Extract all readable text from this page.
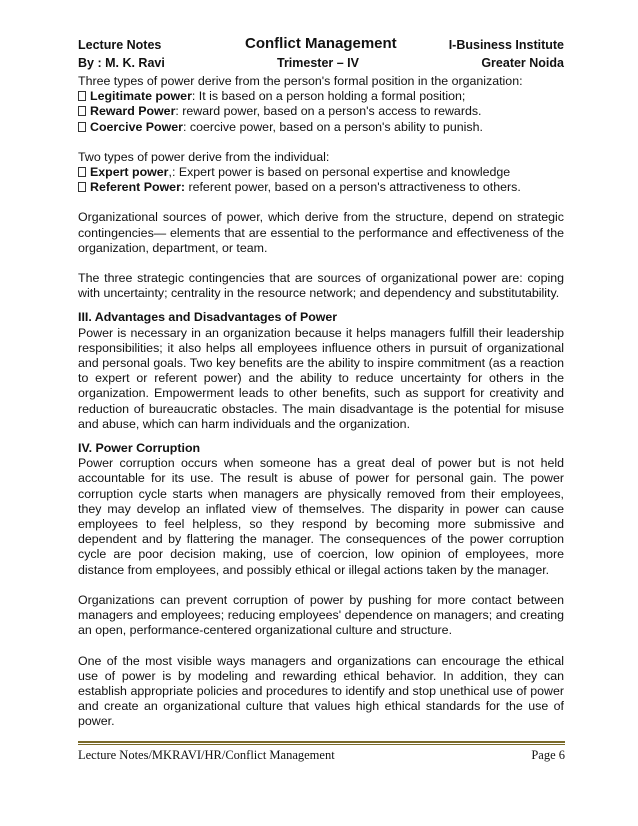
Lecture Notes	Conflict Management	I-Business Institute
By : M. K. Ravi	Trimester – IV	Greater Noida

Three types of power derive from the person's formal position in the organization:

Legitimate power: It is based on a person holding a formal position;
Reward Power: reward power, based on a person's access to rewards.
Coercive Power: coercive power, based on a person's ability to punish.

Two types of power derive from the individual:

Expert power,: Expert power is based on personal expertise and knowledge
Referent Power: referent power, based on a person's attractiveness to others.

Organizational sources of power, which derive from the structure, depend on strategic contingencies— elements that are essential to the performance and effectiveness of the organization, department, or team.

The three strategic contingencies that are sources of organizational power are: coping with uncertainty; centrality in the resource network; and dependency and substitutability.

III. Advantages and Disadvantages of Power

Power is necessary in an organization because it helps managers fulfill their leadership responsibilities; it also helps all employees influence others in pursuit of organizational and personal goals. Two key benefits are the ability to inspire commitment (as a reaction to expert or referent power) and the ability to reduce uncertainty for others in the organization. Empowerment leads to other benefits, such as support for creativity and reduction of bureaucratic obstacles. The main disadvantage is the potential for misuse and abuse, which can harm individuals and the organization.

IV. Power Corruption

Power corruption occurs when someone has a great deal of power but is not held accountable for its use. The result is abuse of power for personal gain. The power corruption cycle starts when managers are physically removed from their employees, they may develop an inflated view of themselves. The disparity in power can cause employees to feel helpless, so they respond by becoming more submissive and dependent and by flattering the manager. The consequences of the power corruption cycle are poor decision making, use of coercion, low opinion of employees, more distance from employees, and possibly ethical or illegal actions taken by the manager.

Organizations can prevent corruption of power by pushing for more contact between managers and employees; reducing employees' dependence on managers; and creating an open, performance-centered organizational culture and structure.

One of the most visible ways managers and organizations can encourage the ethical use of power is by modeling and rewarding ethical behavior. In addition, they can establish appropriate policies and procedures to identify and stop unethical use of power and create an organizational culture that values high ethical standards for the use of power.

Lecture Notes/MKRAVI/HR/Conflict Management	Page 6
